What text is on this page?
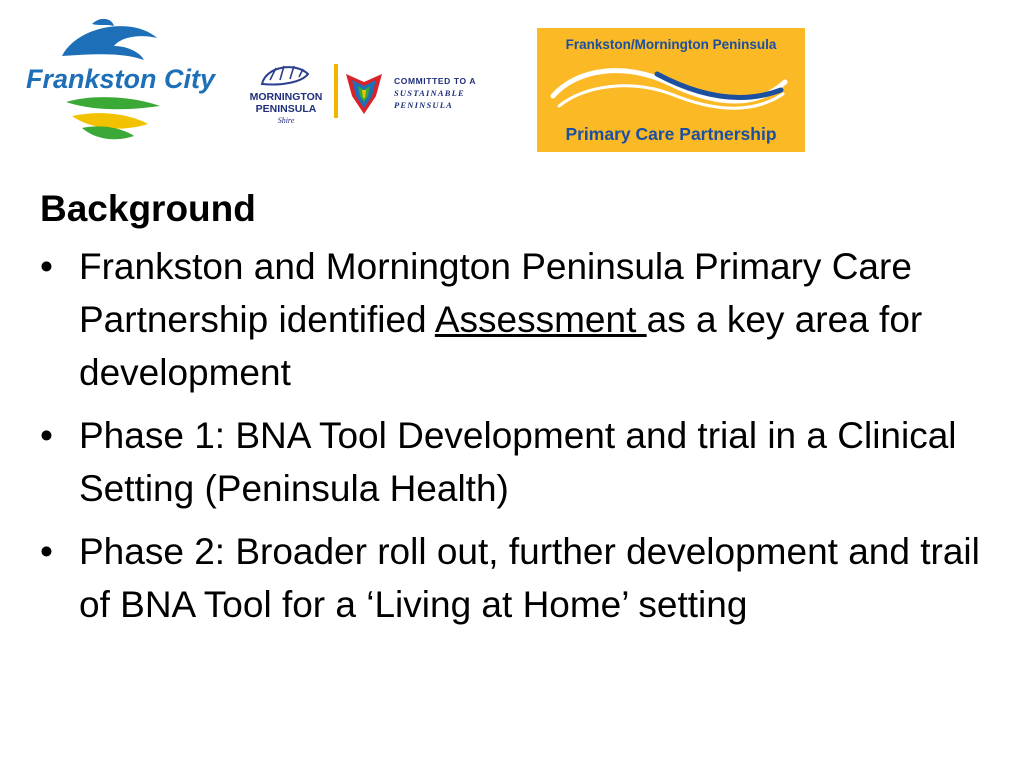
Frankston City
MORNINGTON
PENINSULA
Shire
COMMITTED TO A
SUSTAINABLE
PENINSULA
Frankston/Mornington Peninsula
Primary Care Partnership
Background
• Frankston and Mornington Peninsula Primary Care Partnership identified Assessment as a key area for development
• Phase 1: BNA Tool Development and trial in a Clinical Setting (Peninsula Health)
• Phase 2: Broader roll out, further development and trail of BNA Tool for a ‘Living at Home’ setting
